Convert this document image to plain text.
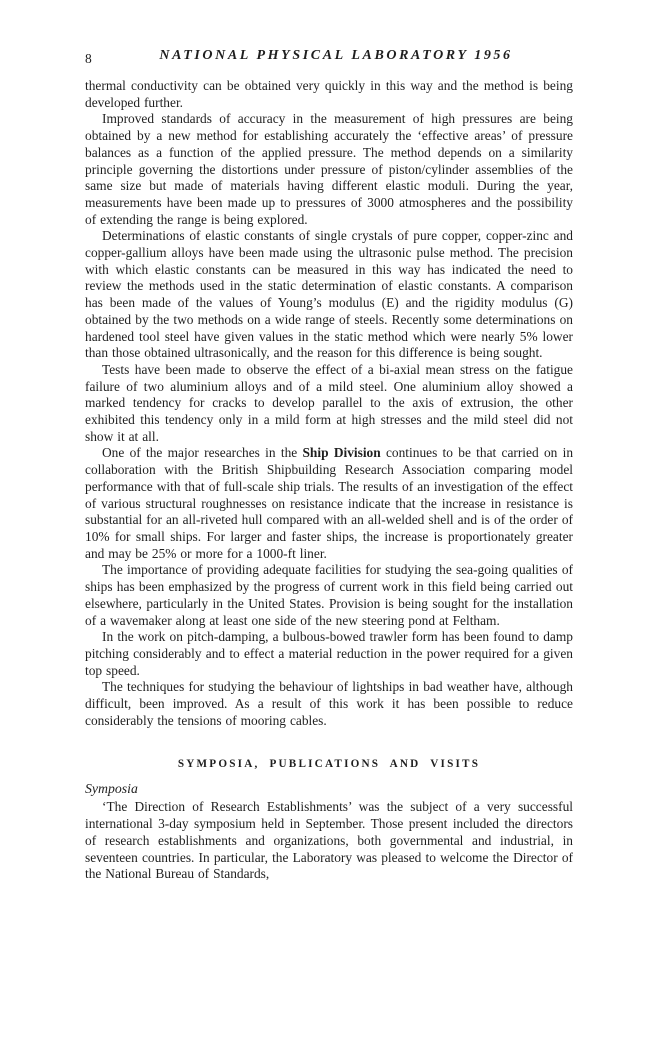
8	NATIONAL PHYSICAL LABORATORY 1956

thermal conductivity can be obtained very quickly in this way and the method is being developed further.

Improved standards of accuracy in the measurement of high pressures are being obtained by a new method for establishing accurately the ‘effective areas’ of pressure balances as a function of the applied pressure. The method depends on a similarity principle governing the distortions under pressure of piston/cylinder assemblies of the same size but made of materials having different elastic moduli. During the year, measurements have been made up to pressures of 3000 atmospheres and the possibility of extending the range is being explored.

Determinations of elastic constants of single crystals of pure copper, copper-zinc and copper-gallium alloys have been made using the ultrasonic pulse method. The precision with which elastic constants can be measured in this way has indicated the need to review the methods used in the static determination of elastic constants. A comparison has been made of the values of Young’s modulus (E) and the rigidity modulus (G) obtained by the two methods on a wide range of steels. Recently some determinations on hardened tool steel have given values in the static method which were nearly 5% lower than those obtained ultrasonically, and the reason for this difference is being sought.

Tests have been made to observe the effect of a bi-axial mean stress on the fatigue failure of two aluminium alloys and of a mild steel. One aluminium alloy showed a marked tendency for cracks to develop parallel to the axis of extrusion, the other exhibited this tendency only in a mild form at high stresses and the mild steel did not show it at all.

One of the major researches in the Ship Division continues to be that carried on in collaboration with the British Shipbuilding Research Association comparing model performance with that of full-scale ship trials. The results of an investigation of the effect of various structural roughnesses on resistance indicate that the increase in resistance is substantial for an all-riveted hull compared with an all-welded shell and is of the order of 10% for small ships. For larger and faster ships, the increase is proportionately greater and may be 25% or more for a 1000-ft liner.

The importance of providing adequate facilities for studying the sea-going qualities of ships has been emphasized by the progress of current work in this field being carried out elsewhere, particularly in the United States. Provision is being sought for the installation of a wavemaker along at least one side of the new steering pond at Feltham.

In the work on pitch-damping, a bulbous-bowed trawler form has been found to damp pitching considerably and to effect a material reduction in the power required for a given top speed.

The techniques for studying the behaviour of lightships in bad weather have, although difficult, been improved. As a result of this work it has been possible to reduce considerably the tensions of mooring cables.

SYMPOSIA, PUBLICATIONS AND VISITS
Symposia

‘The Direction of Research Establishments’ was the subject of a very successful international 3-day symposium held in September. Those present included the directors of research establishments and organizations, both governmental and industrial, in seventeen countries. In particular, the Laboratory was pleased to welcome the Director of the National Bureau of Standards,
